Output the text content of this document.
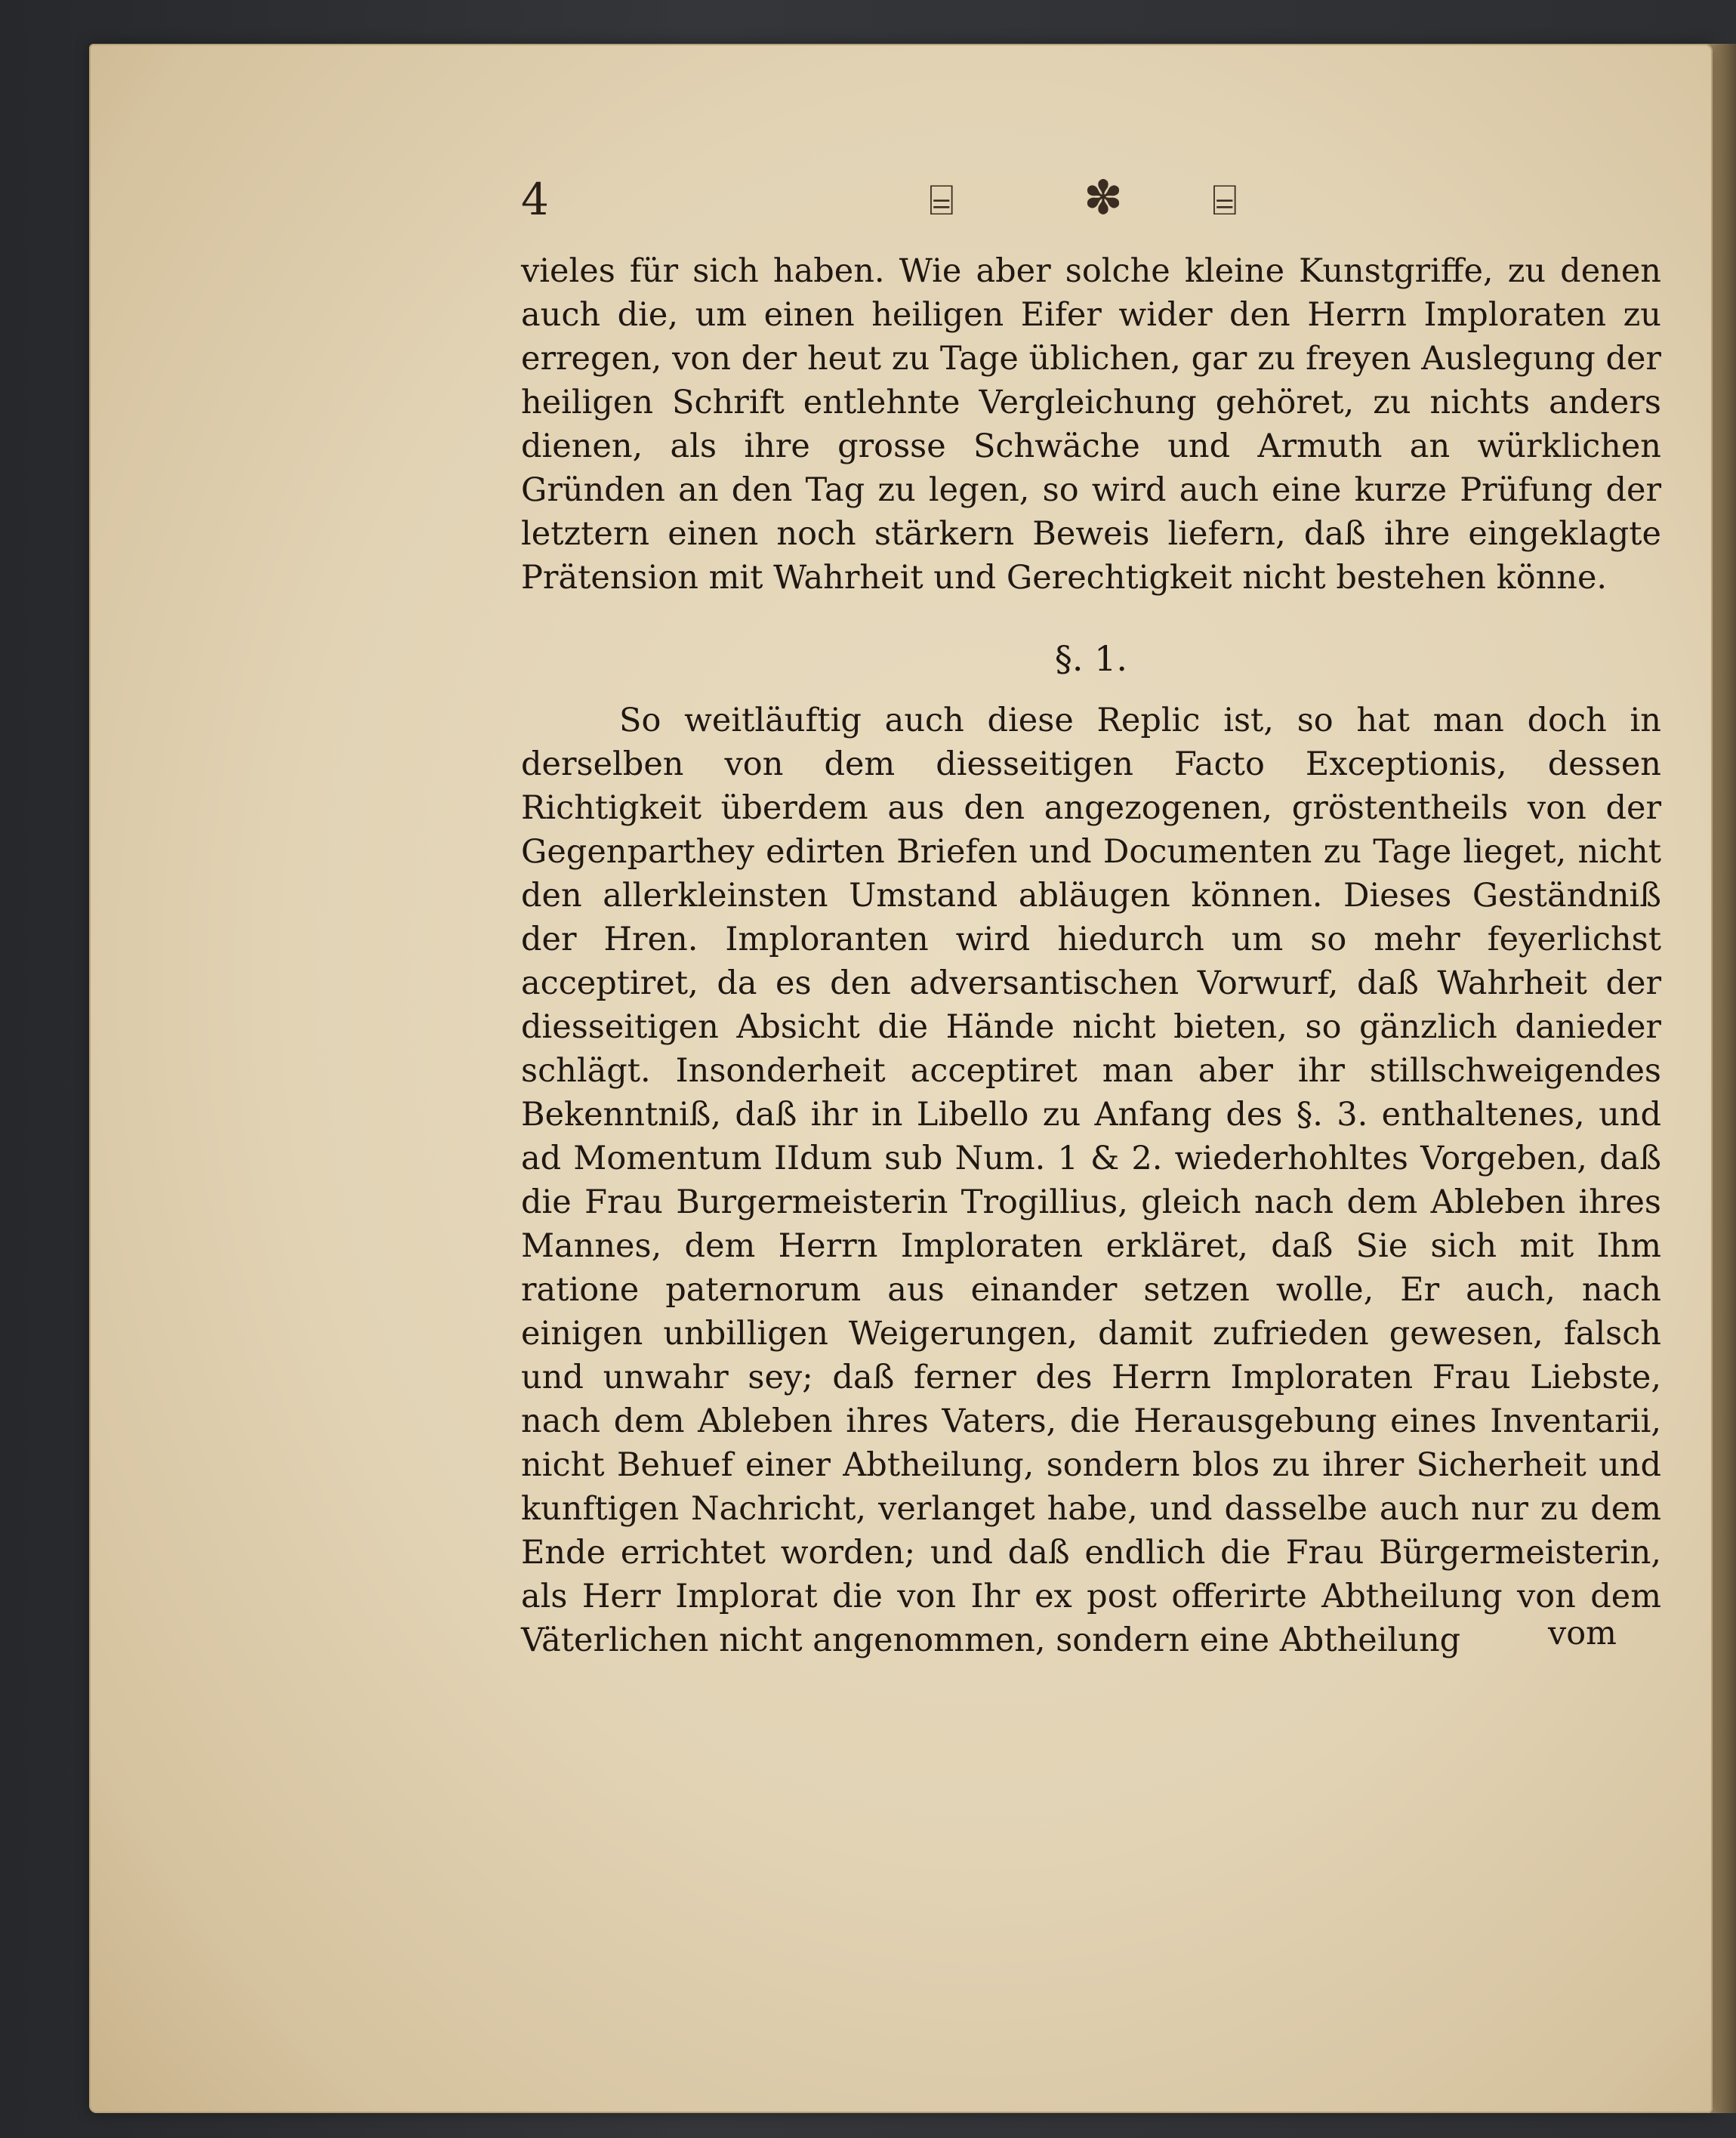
4	⌸	✽ ⌸
vieles für sich haben. Wie aber solche kleine Kunstgriffe, zu denen auch die, um einen heiligen Eifer wider den Herrn Imploraten zu erregen, von der heut zu Tage üblichen, gar zu freyen Auslegung der heiligen Schrift entlehnte Vergleichung gehöret, zu nichts anders dienen, als ihre grosse Schwäche und Armuth an würklichen Gründen an den Tag zu legen, so wird auch eine kurze Prüfung der letztern einen noch stärkern Beweis liefern, daß ihre eingeklagte Prätension mit Wahrheit und Gerechtigkeit nicht bestehen könne.
§. 1.
So weitläuftig auch diese Replic ist, so hat man doch in derselben von dem diesseitigen Facto Exceptionis, dessen Richtigkeit überdem aus den angezogenen, gröstentheils von der Gegenparthey edirten Briefen und Documenten zu Tage lieget, nicht den allerkleinsten Umstand abläugen können. Dieses Geständniß der Hren. Imploranten wird hiedurch um so mehr feyerlichst acceptiret, da es den adversantischen Vorwurf, daß Wahrheit der diesseitigen Absicht die Hände nicht bieten, so gänzlich danieder schlägt. Insonderheit acceptiret man aber ihr stillschweigendes Bekenntniß, daß ihr in Libello zu Anfang des §. 3. enthaltenes, und ad Momentum IIdum sub Num. 1 & 2. wiederhohltes Vorgeben, daß die Frau Burgermeisterin Trogillius, gleich nach dem Ableben ihres Mannes, dem Herrn Imploraten erkläret, daß Sie sich mit Ihm ratione paternorum aus einander setzen wolle, Er auch, nach einigen unbilligen Weigerungen, damit zufrieden gewesen, falsch und unwahr sey; daß ferner des Herrn Imploraten Frau Liebste, nach dem Ableben ihres Vaters, die Herausgebung eines Inventarii, nicht Behuef einer Abtheilung, sondern blos zu ihrer Sicherheit und kunftigen Nachricht, verlanget habe, und dasselbe auch nur zu dem Ende errichtet worden; und daß endlich die Frau Bürgermeisterin, als Herr Implorat die von Ihr ex post offerirte Abtheilung von dem Väterlichen nicht angenommen, sondern eine Abtheilung	vom
